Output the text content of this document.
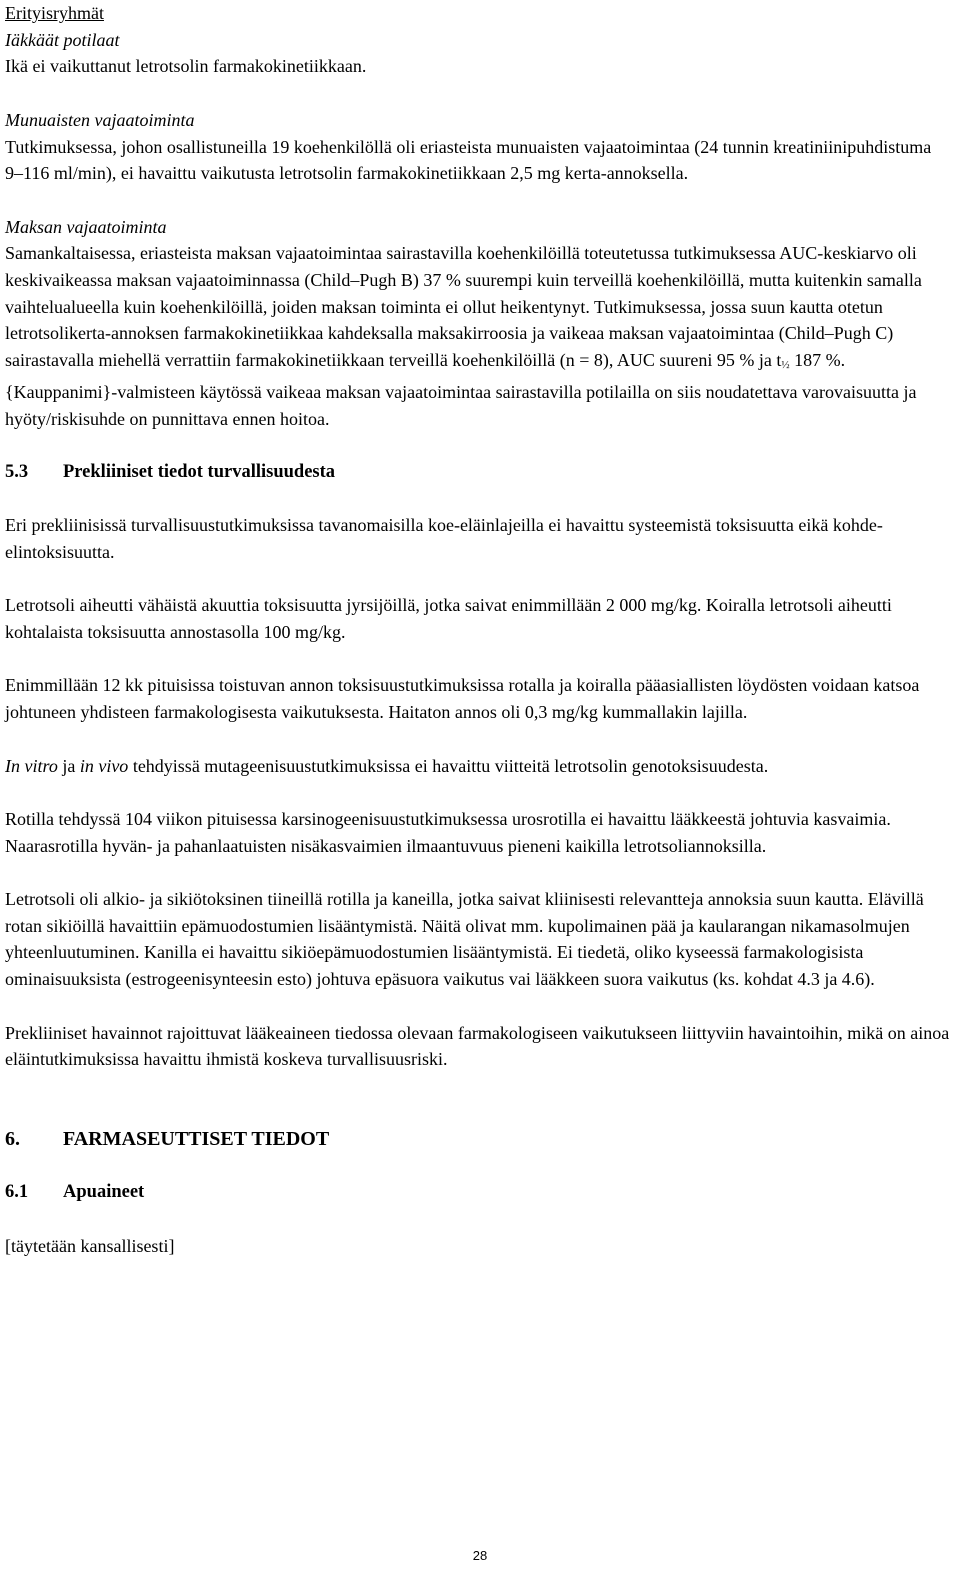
Erityisryhmät

Iäkkäät potilaat

Ikä ei vaikuttanut letrotsolin farmakokinetiikkaan.

Munuaisten vajaatoiminta

Tutkimuksessa, johon osallistuneilla 19 koehenkilöllä oli eriasteista munuaisten vajaatoimintaa (24 tunnin kreatiniinipuhdistuma 9–116 ml/min), ei havaittu vaikutusta letrotsolin farmakokinetiikkaan 2,5 mg kerta-annoksella.

Maksan vajaatoiminta

Samankaltaisessa, eriasteista maksan vajaatoimintaa sairastavilla koehenkilöillä toteutetussa tutkimuksessa AUC-keskiarvo oli keskivaikeassa maksan vajaatoiminnassa (Child–Pugh B) 37 % suurempi kuin terveillä koehenkilöillä, mutta kuitenkin samalla vaihtelualueella kuin koehenkilöillä, joiden maksan toiminta ei ollut heikentynyt. Tutkimuksessa, jossa suun kautta otetun letrotsolikerta-annoksen farmakokinetiikkaa kahdeksalla maksakirroosia ja vaikeaa maksan vajaatoimintaa (Child–Pugh C) sairastavalla miehellä verrattiin farmakokinetiikkaan terveillä koehenkilöillä (n = 8), AUC suureni 95 % ja t½ 187 %. {Kauppanimi}-valmisteen käytössä vaikeaa maksan vajaatoimintaa sairastavilla potilailla on siis noudatettava varovaisuutta ja hyöty/riskisuhde on punnittava ennen hoitoa.

5.3 Prekliiniset tiedot turvallisuudesta

Eri prekliinisissä turvallisuustutkimuksissa tavanomaisilla koe-eläinlajeilla ei havaittu systeemistä toksisuutta eikä kohde-elintoksisuutta.

Letrotsoli aiheutti vähäistä akuuttia toksisuutta jyrsijöillä, jotka saivat enimmillään 2 000 mg/kg. Koiralla letrotsoli aiheutti kohtalaista toksisuutta annostasolla 100 mg/kg.

Enimmillään 12 kk pituisissa toistuvan annon toksisuustutkimuksissa rotalla ja koiralla pääasiallisten löydösten voidaan katsoa johtuneen yhdisteen farmakologisesta vaikutuksesta. Haitaton annos oli 0,3 mg/kg kummallakin lajilla.

In vitro ja in vivo tehdyissä mutageenisuustutkimuksissa ei havaittu viitteitä letrotsolin genotoksisuudesta.

Rotilla tehdyssä 104 viikon pituisessa karsinogeenisuustutkimuksessa urosrotilla ei havaittu lääkkeestä johtuvia kasvaimia. Naarasrotilla hyvän- ja pahanlaatuisten nisäkasvaimien ilmaantuvuus pieneni kaikilla letrotsoliannoksilla.

Letrotsoli oli alkio- ja sikiötoksinen tiineillä rotilla ja kaneilla, jotka saivat kliinisesti relevantteja annoksia suun kautta. Elävillä rotan sikiöillä havaittiin epämuodostumien lisääntymistä. Näitä olivat mm. kupolimainen pää ja kaularangan nikamasolmujen yhteenluutuminen. Kanilla ei havaittu sikiöepämuodostumien lisääntymistä. Ei tiedetä, oliko kyseessä farmakologisista ominaisuuksista (estrogeenisynteesin esto) johtuva epäsuora vaikutus vai lääkkeen suora vaikutus (ks. kohdat 4.3 ja 4.6).

Prekliiniset havainnot rajoittuvat lääkeaineen tiedossa olevaan farmakologiseen vaikutukseen liittyviin havaintoihin, mikä on ainoa eläintutkimuksissa havaittu ihmistä koskeva turvallisuusriski.

6. FARMASEUTTISET TIEDOT

6.1 Apuaineet

[täytetään kansallisesti]

28
